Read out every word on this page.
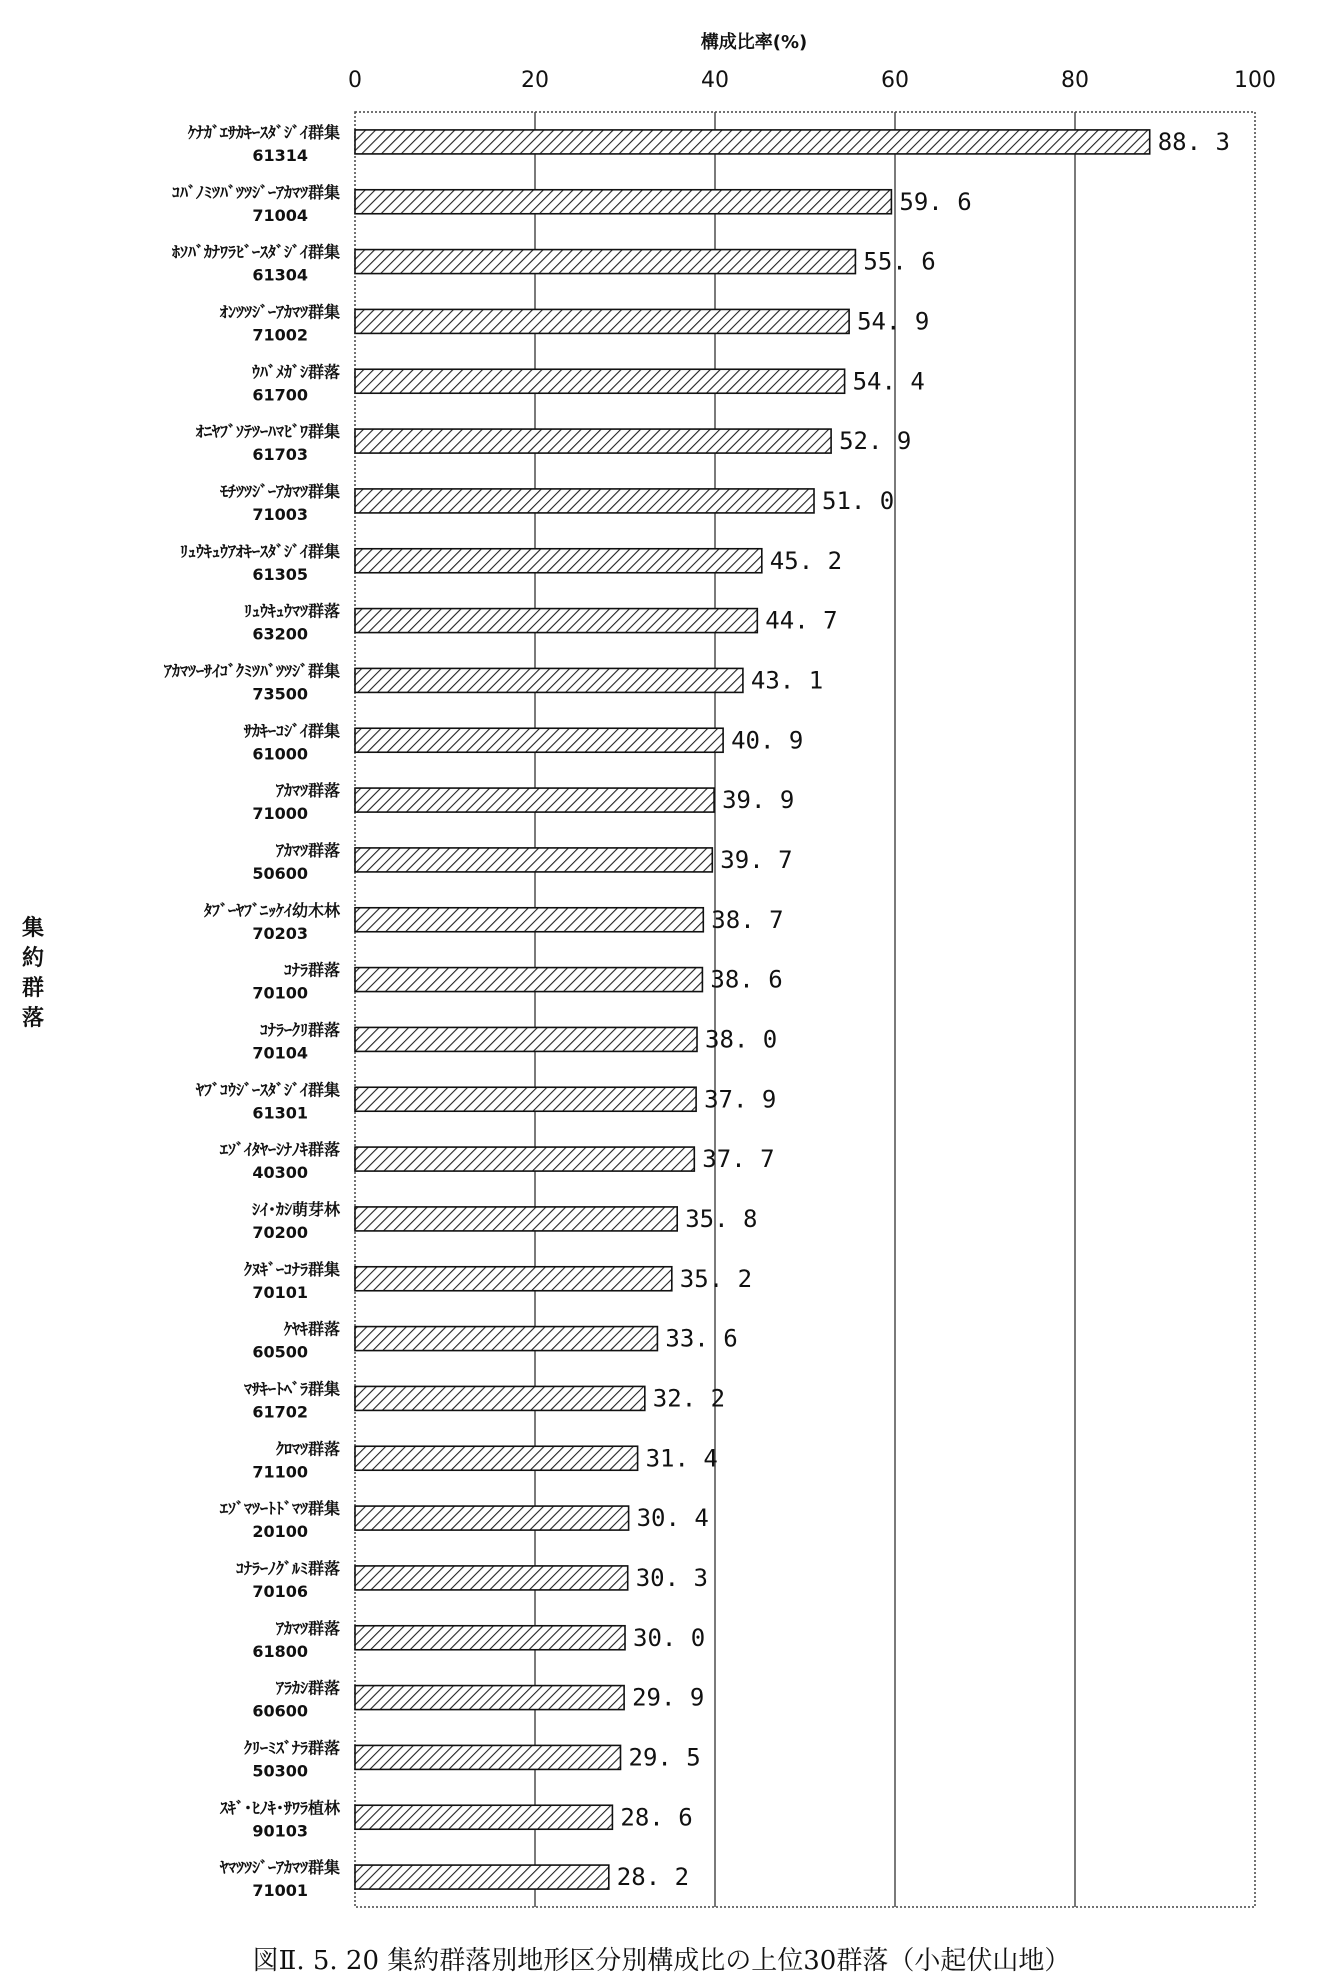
ｹﾅｶﾞｴｻｶｷｰｽﾀﾞｼﾞｲ群集
61314
ｺﾊﾞﾉﾐﾂﾊﾞﾂﾂｼﾞｰｱｶﾏﾂ群集
71004
ﾎｿﾊﾞｶﾅﾜﾗﾋﾞｰｽﾀﾞｼﾞｲ群集
61304
ｵﾝﾂﾂｼﾞｰｱｶﾏﾂ群集
71002
ｳﾊﾞﾒｶﾞｼ群落
61700
ｵﾆﾔﾌﾞｿﾃﾂｰﾊﾏﾋﾞﾜ群集
61703
ﾓﾁﾂﾂｼﾞｰｱｶﾏﾂ群集
71003
ﾘｭｳｷｭｳｱｵｷｰｽﾀﾞｼﾞｲ群集
61305
ﾘｭｳｷｭｳﾏﾂ群落
63200
ｱｶﾏﾂｰｻｲｺﾞｸﾐﾂﾊﾞﾂﾂｼﾞ群集
73500
ｻｶｷｰｺｼﾞｲ群集
61000
ｱｶﾏﾂ群落
71000
ｱｶﾏﾂ群落
50600
ﾀﾌﾞｰﾔﾌﾞﾆｯｹｲ幼木林
70203
ｺﾅﾗ群落
70100
ｺﾅﾗｰｸﾘ群落
70104
ﾔﾌﾞｺｳｼﾞｰｽﾀﾞｼﾞｲ群集
61301
ｴｿﾞｲﾀﾔｰｼﾅﾉｷ群落
40300
ｼｲ･ｶｼ萌芽林
70200
ｸﾇｷﾞｰｺﾅﾗ群集
70101
ｹﾔｷ群落
60500
ﾏｻｷｰﾄﾍﾞﾗ群集
61702
ｸﾛﾏﾂ群落
71100
ｴｿﾞﾏﾂｰﾄﾄﾞﾏﾂ群集
20100
ｺﾅﾗｰﾉｸﾞﾙﾐ群落
70106
ｱｶﾏﾂ群落
61800
ｱﾗｶｼ群落
60600
ｸﾘｰﾐｽﾞﾅﾗ群落
50300
ｽｷﾞ･ﾋﾉｷ･ｻﾜﾗ植林
90103
ﾔﾏﾂﾂｼﾞｰｱｶﾏﾂ群集
71001
88. 3
59. 6
55. 6
54. 9
54. 4
52. 9
51. 0
45. 2
44. 7
43. 1
40. 9
39. 9
39. 7
38. 7
38. 6
38. 0
37. 9
37. 7
35. 8
35. 2
33. 6
32. 2
31. 4
30. 4
30. 3
30. 0
29. 9
29. 5
28. 6
28. 2
0	20	40	60	80	100
構成比率(%)
集約群落
図Ⅱ. 5. 20 集約群落別地形区分別構成比の上位30群落（小起伏山地）
